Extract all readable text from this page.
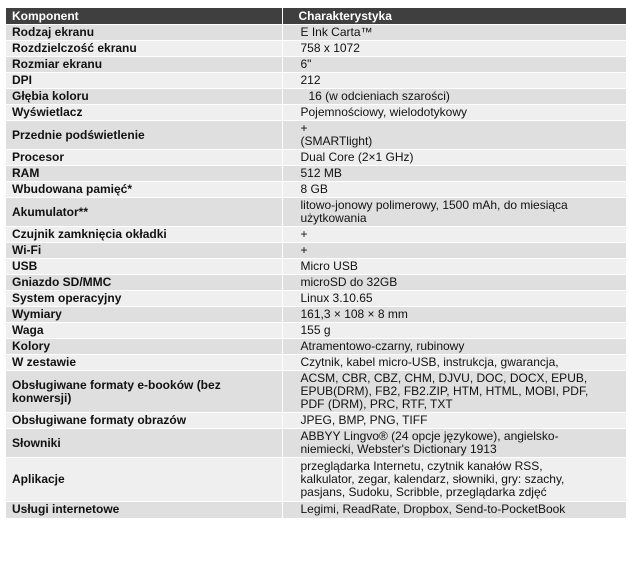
Komponent	Charakterystyka
Rodzaj ekranu	E Ink Carta™

Rozdzielczość ekranu	758 x 1072

Rozmiar ekranu	6"

DPI	212

Głębia koloru	16 (w odcieniach szarości)

Wyświetlacz	Pojemnościowy, wielodotykowy

Przednie podświetlenie	+
(SMARTlight)

Procesor	Dual Core (2×1 GHz)

RAM	512 MB

Wbudowana pamięć*	8 GB

Akumulator**	litowo-jonowy polimerowy, 1500 mAh, do miesiąca
użytkowania

Czujnik zamknięcia okładki	+

Wi-Fi	+

USB	Micro USB

Gniazdo SD/MMC	microSD do 32GB

System operacyjny	Linux 3.10.65

Wymiary	161,3 × 108 × 8 mm

Waga	155 g

Kolory	Atramentowo-czarny, rubinowy

W zestawie	Czytnik, kabel micro-USB, instrukcja, gwarancja,

Obsługiwane formaty e-booków (bez konwersji)	ACSM, CBR, CBZ, CHM, DJVU, DOC, DOCX, EPUB,
EPUB(DRM), FB2, FB2.ZIP, HTM, HTML, MOBI, PDF,
PDF (DRM), PRC, RTF, TXT

Obsługiwane formaty obrazów	JPEG, BMP, PNG, TIFF

Słowniki	ABBYY Lingvo® (24 opcje językowe), angielsko-
niemiecki, Webster's Dictionary 1913

Aplikacje	przeglądarka Internetu, czytnik kanałów RSS,
kalkulator, zegar, kalendarz, słowniki, gry: szachy,
pasjans, Sudoku, Scribble, przeglądarka zdjęć

Usługi internetowe	Legimi, ReadRate, Dropbox, Send-to-PocketBook
